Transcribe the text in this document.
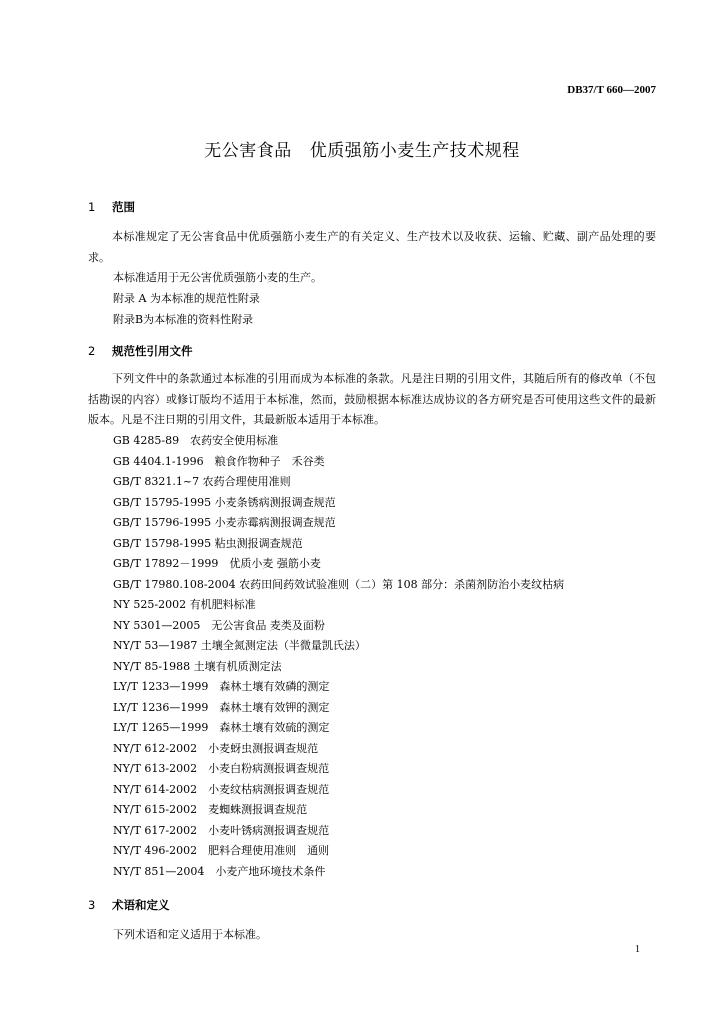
DB37/T 660—2007
无公害食品 优质强筋小麦生产技术规程
1 范围
本标准规定了无公害食品中优质强筋小麦生产的有关定义、生产技术以及收获、运输、贮藏、副产品处理的要求。
本标准适用于无公害优质强筋小麦的生产。
附录 A 为本标准的规范性附录
附录B为本标准的资料性附录
2 规范性引用文件
下列文件中的条款通过本标准的引用而成为本标准的条款。凡是注日期的引用文件，其随后所有的修改单（不包括勘误的内容）或修订版均不适用于本标准，然而，鼓励根据本标准达成协议的各方研究是否可使用这些文件的最新版本。凡是不注日期的引用文件，其最新版本适用于本标准。
GB 4285-89　农药安全使用标准
GB 4404.1-1996　粮食作物种子　禾谷类
GB/T 8321.1~7 农药合理使用准则
GB/T 15795-1995 小麦条锈病测报调查规范
GB/T 15796-1995 小麦赤霉病测报调查规范
GB/T 15798-1995 粘虫测报调查规范
GB/T 17892－1999　优质小麦 强筋小麦
GB/T 17980.108-2004 农药田间药效试验准则（二）第 108 部分：杀菌剂防治小麦纹枯病
NY 525-2002 有机肥料标准
NY 5301—2005　无公害食品 麦类及面粉
NY/T 53—1987 土壤全氮测定法（半微量凯氏法）
NY/T 85-1988 土壤有机质测定法
LY/T 1233—1999　森林土壤有效磷的测定
LY/T 1236—1999　森林土壤有效钾的测定
LY/T 1265—1999　森林土壤有效硫的测定
NY/T 612-2002　小麦蚜虫测报调查规范
NY/T 613-2002　小麦白粉病测报调查规范
NY/T 614-2002　小麦纹枯病测报调查规范
NY/T 615-2002　麦蜘蛛测报调查规范
NY/T 617-2002　小麦叶锈病测报调查规范
NY/T 496-2002　肥料合理使用准则　通则
NY/T 851—2004　小麦产地环境技术条件
3 术语和定义
下列术语和定义适用于本标准。
1
